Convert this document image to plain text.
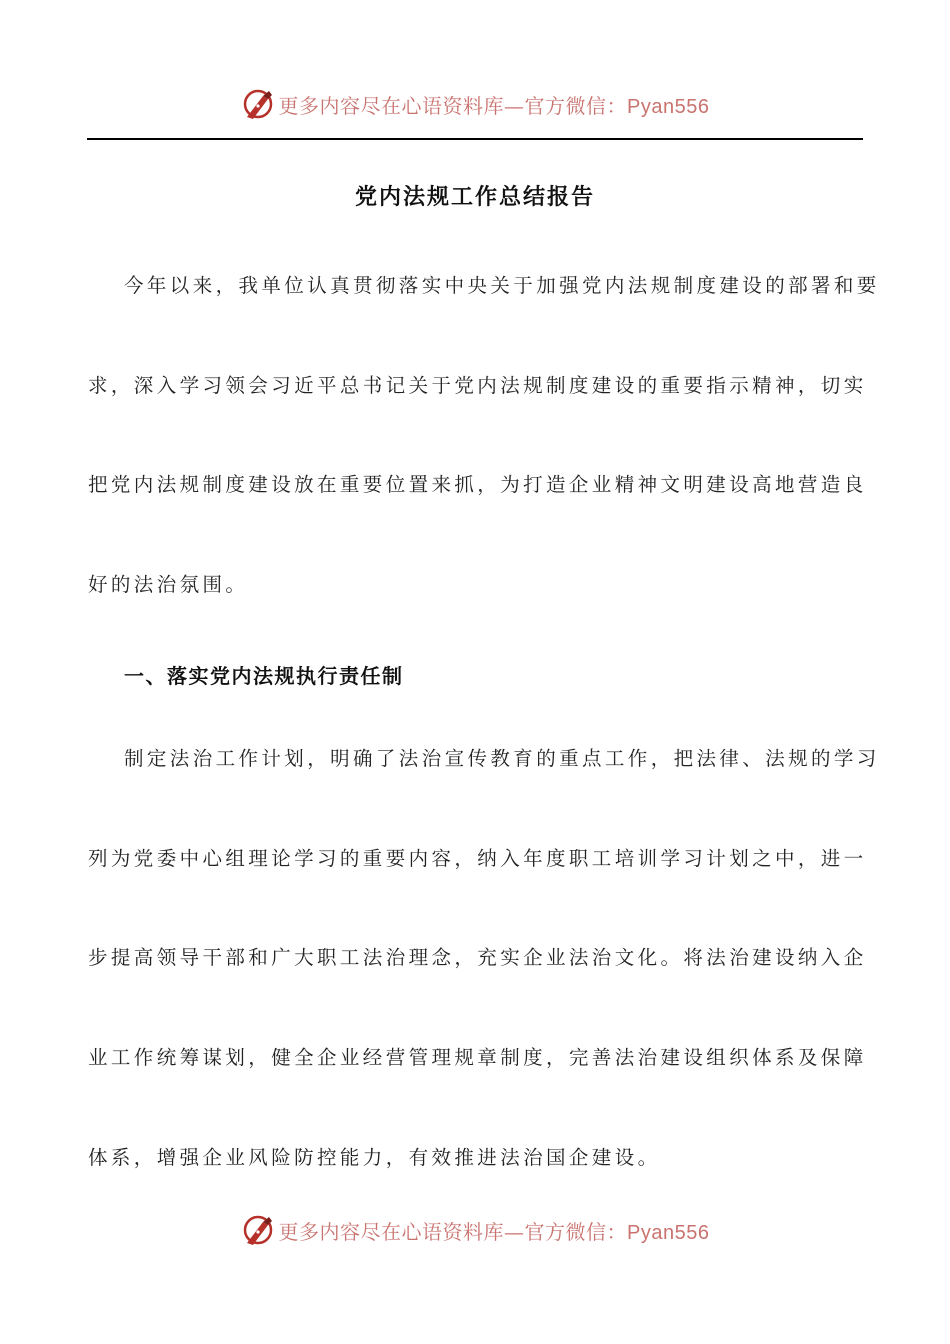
更多内容尽在心语资料库—官方微信：Pyan556
党内法规工作总结报告
今年以来，我单位认真贯彻落实中央关于加强党内法规制度建设的部署和要
求，深入学习领会习近平总书记关于党内法规制度建设的重要指示精神，切实
把党内法规制度建设放在重要位置来抓，为打造企业精神文明建设高地营造良
好的法治氛围。
一、落实党内法规执行责任制
制定法治工作计划，明确了法治宣传教育的重点工作，把法律、法规的学习
列为党委中心组理论学习的重要内容，纳入年度职工培训学习计划之中，进一
步提高领导干部和广大职工法治理念，充实企业法治文化。将法治建设纳入企
业工作统筹谋划，健全企业经营管理规章制度，完善法治建设组织体系及保障
体系，增强企业风险防控能力，有效推进法治国企建设。
更多内容尽在心语资料库—官方微信：Pyan556
